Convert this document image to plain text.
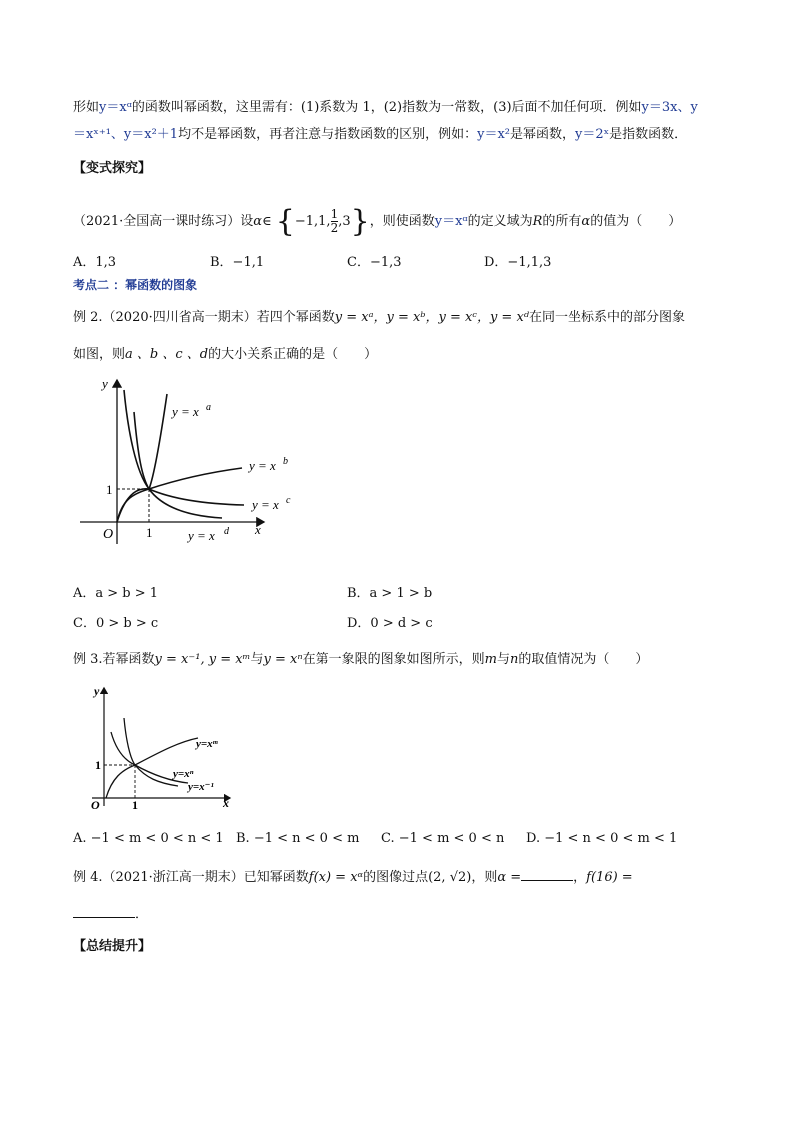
形如y＝xᵅ的函数叫幂函数，这里需有：(1)系数为 1，(2)指数为一常数，(3)后面不加任何项．例如y＝3x、y
＝xˣ⁺¹、y＝x²＋1均不是幂函数，再者注意与指数函数的区别，例如：y＝x²是幂函数，y＝2ˣ是指数函数．
【变式探究】
（2021·全国高一课时练习）设α∈ {−1,1, $\frac{1}{2} ,3$}，则使函数y＝xᵅ的定义域为R的所有α的值为（　　）
A．1,3	B．−1,1	C．−1,3	D．−1,1,3
考点二 ：幂函数的图象
例 2.（2020·四川省高一期末）若四个幂函数y = xᵃ，y = xᵇ，y = xᶜ，y = xᵈ在同一坐标系中的部分图象
如图，则a 、b 、c 、d的大小关系正确的是（　　）
y
x
O	1
1
y = x a
y = x b
y = x c
y = x d
A．a > b > 1	B．a > 1 > b
C．0 > b > c	D．0 > d > c
例 3.若幂函数y = x⁻¹, y = xᵐ与y = xⁿ在第一象限的图象如图所示，则m与n的取值情况为（　　）
y
x
O	1
1
y=xᵐ
y=xⁿ
y=x⁻¹
A. −1 < m < 0 < n < 1 B. −1 < n < 0 < m C. −1 < m < 0 < n D. −1 < n < 0 < m < 1
例 4.（2021·浙江高一期末）已知幂函数f(x) = xᵅ的图像过点(2, √2)，则α =	，f(16) =
．
【总结提升】
